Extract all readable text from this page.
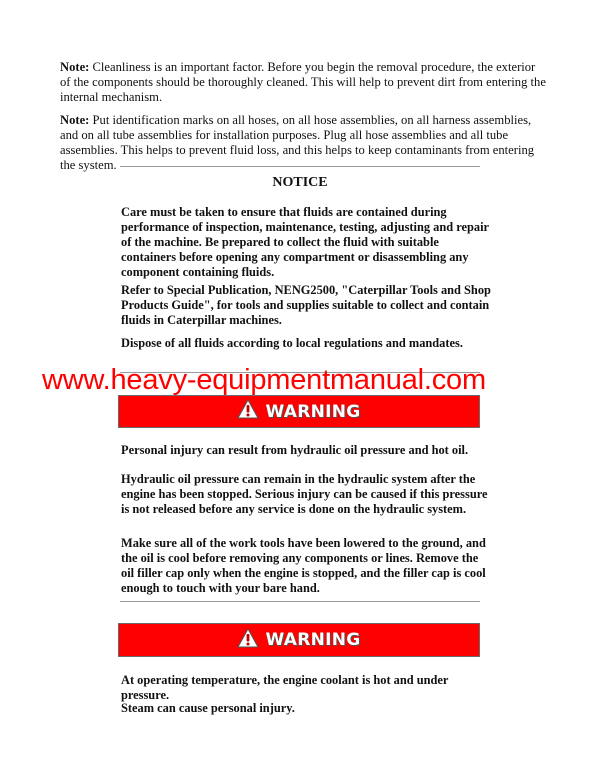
Note: Cleanliness is an important factor. Before you begin the removal procedure, the exterior of the components should be thoroughly cleaned. This will help to prevent dirt from entering the internal mechanism.
Note: Put identification marks on all hoses, on all hose assemblies, on all harness assemblies, and on all tube assemblies for installation purposes. Plug all hose assemblies and all tube assemblies. This helps to prevent fluid loss, and this helps to keep contaminants from entering the system.
NOTICE
Care must be taken to ensure that fluids are contained during performance of inspection, maintenance, testing, adjusting and repair of the machine. Be prepared to collect the fluid with suitable containers before opening any compartment or disassembling any component containing fluids.
Refer to Special Publication, NENG2500, "Caterpillar Tools and Shop Products Guide", for tools and supplies suitable to collect and contain fluids in Caterpillar machines.
Dispose of all fluids according to local regulations and mandates.
www.heavy-equipmentmanual.com
WARNING
Personal injury can result from hydraulic oil pressure and hot oil.
Hydraulic oil pressure can remain in the hydraulic system after the engine has been stopped. Serious injury can be caused if this pressure is not released before any service is done on the hydraulic system.
Make sure all of the work tools have been lowered to the ground, and the oil is cool before removing any components or lines. Remove the oil filler cap only when the engine is stopped, and the filler cap is cool enough to touch with your bare hand.
WARNING
At operating temperature, the engine coolant is hot and under pressure.
Steam can cause personal injury.
